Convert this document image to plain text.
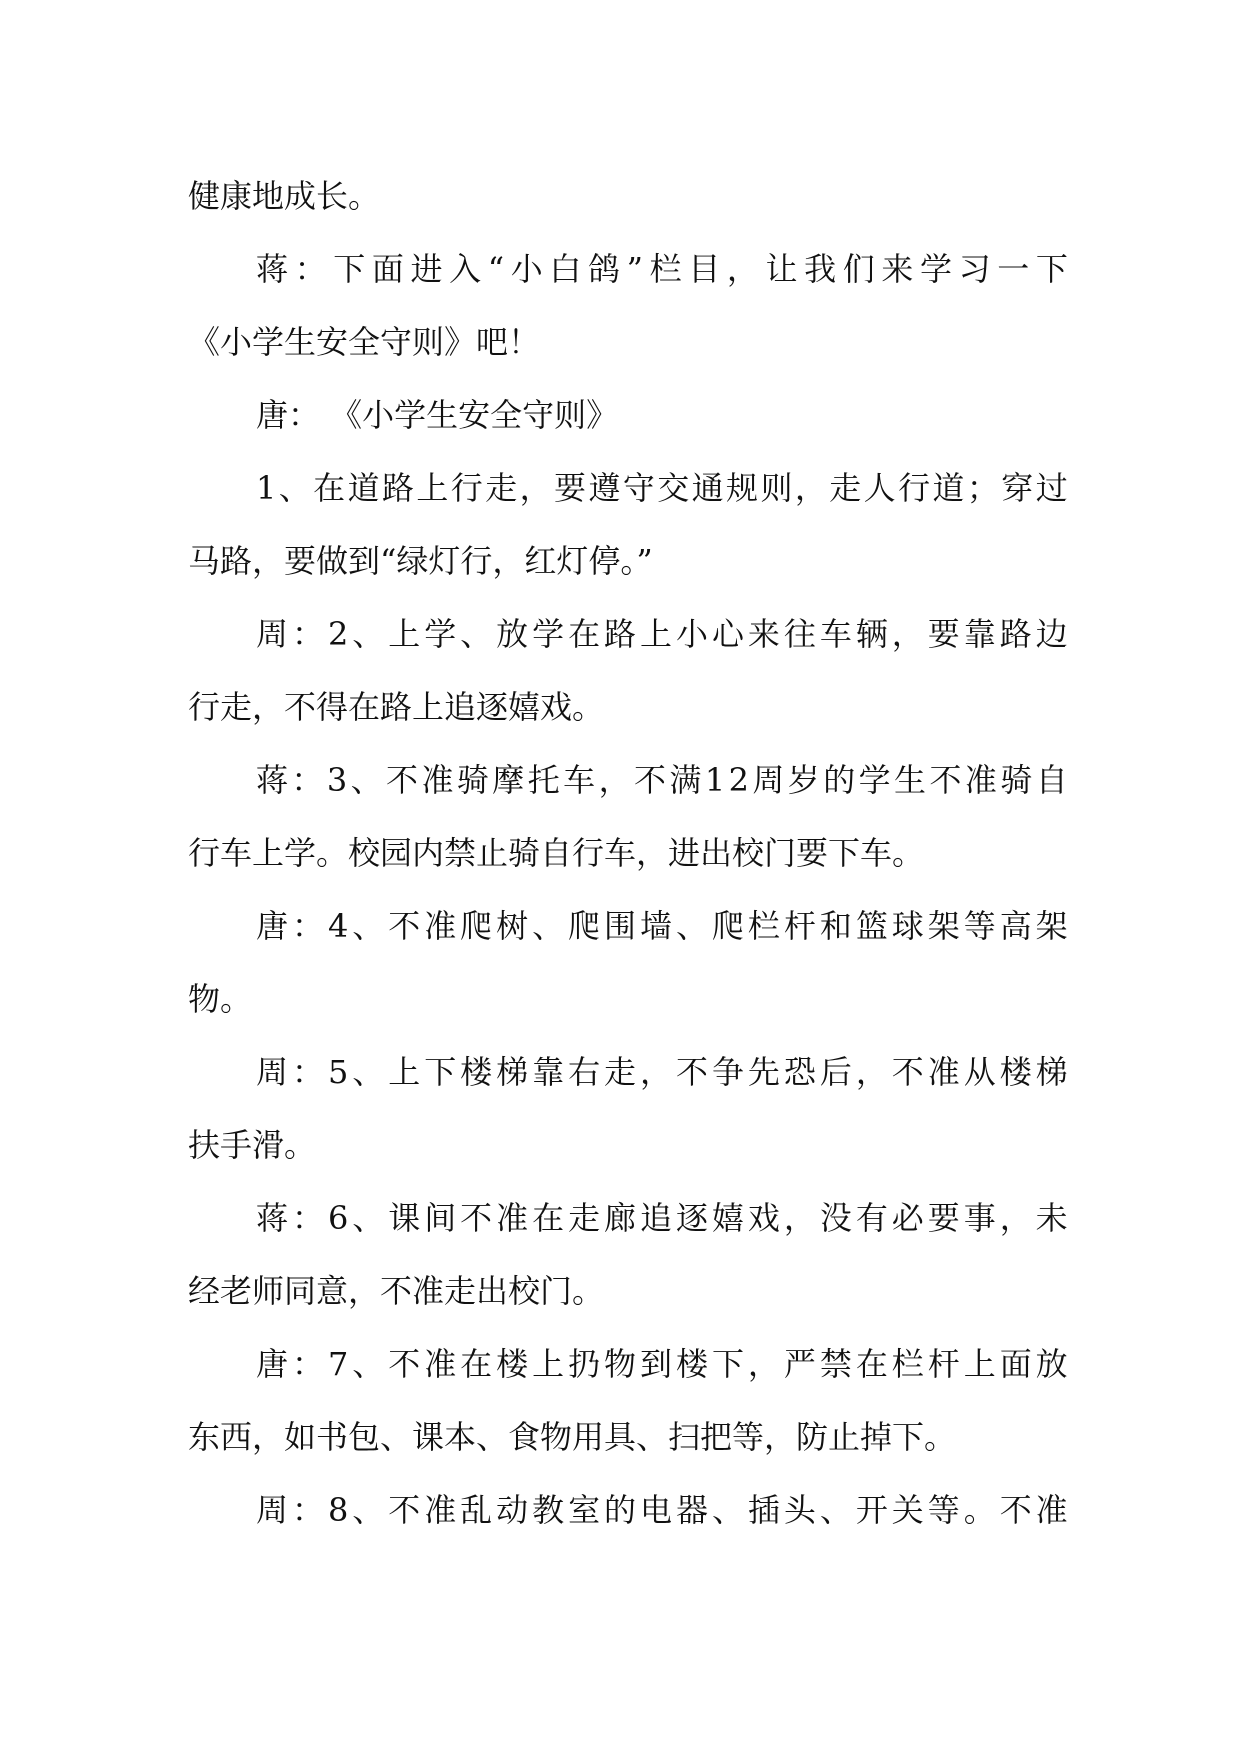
健康地成长。
蒋 ： 下 面 进 入 “ 小 白 鸽 ” 栏 目 ， 让 我 们 来 学 习 一 下
《小学生安全守则》吧！
唐： 《小学生安全守则》
1 、 在 道 路 上 行 走 ， 要 遵 守 交 通 规 则 ， 走 人 行 道 ； 穿 过
马路，要做到“绿灯行，红灯停。”
周 ： 2 、 上 学 、 放 学 在 路 上 小 心 来 往 车 辆 ， 要 靠 路 边
行走，不得在路上追逐嬉戏。
蒋 ： 3 、 不 准 骑 摩 托 车 ， 不 满 1 2 周 岁 的 学 生 不 准 骑 自
行车上学。校园内禁止骑自行车，进出校门要下车。
唐 ： 4 、 不 准 爬 树 、 爬 围 墙 、 爬 栏 杆 和 篮 球 架 等 高 架
物。
周 ： 5 、 上 下 楼 梯 靠 右 走 ， 不 争 先 恐 后 ， 不 准 从 楼 梯
扶手滑。
蒋 ： 6 、 课 间 不 准 在 走 廊 追 逐 嬉 戏 ， 没 有 必 要 事 ， 未
经老师同意，不准走出校门。
唐 ： 7 、 不 准 在 楼 上 扔 物 到 楼 下 ， 严 禁 在 栏 杆 上 面 放
东西，如书包、课本、食物用具、扫把等，防止掉下。
周 ： 8 、 不 准 乱 动 教 室 的 电 器 、 插 头 、 开 关 等 。 不 准
